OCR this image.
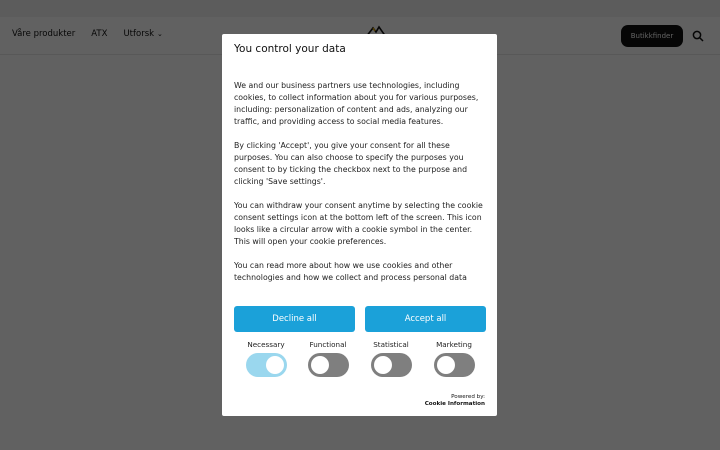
You control your data

We and our business partners use technologies, including cookies, to collect information about you for various purposes, including: personalization of content and ads, analyzing our traffic, and providing access to social media features.

By clicking 'Accept', you give your consent for all these purposes. You can also choose to specify the purposes you consent to by ticking the checkbox next to the purpose and clicking 'Save settings'.

You can withdraw your consent anytime by selecting the cookie consent settings icon at the bottom left of the screen. This icon looks like a circular arrow with a cookie symbol in the center. This will open your cookie preferences.

You can read more about how we use cookies and other technologies and how we collect and process personal data

Decline all	Accept all
Necessary	Functional	Statistical	Marketing
Powered by:
Cookie Information
